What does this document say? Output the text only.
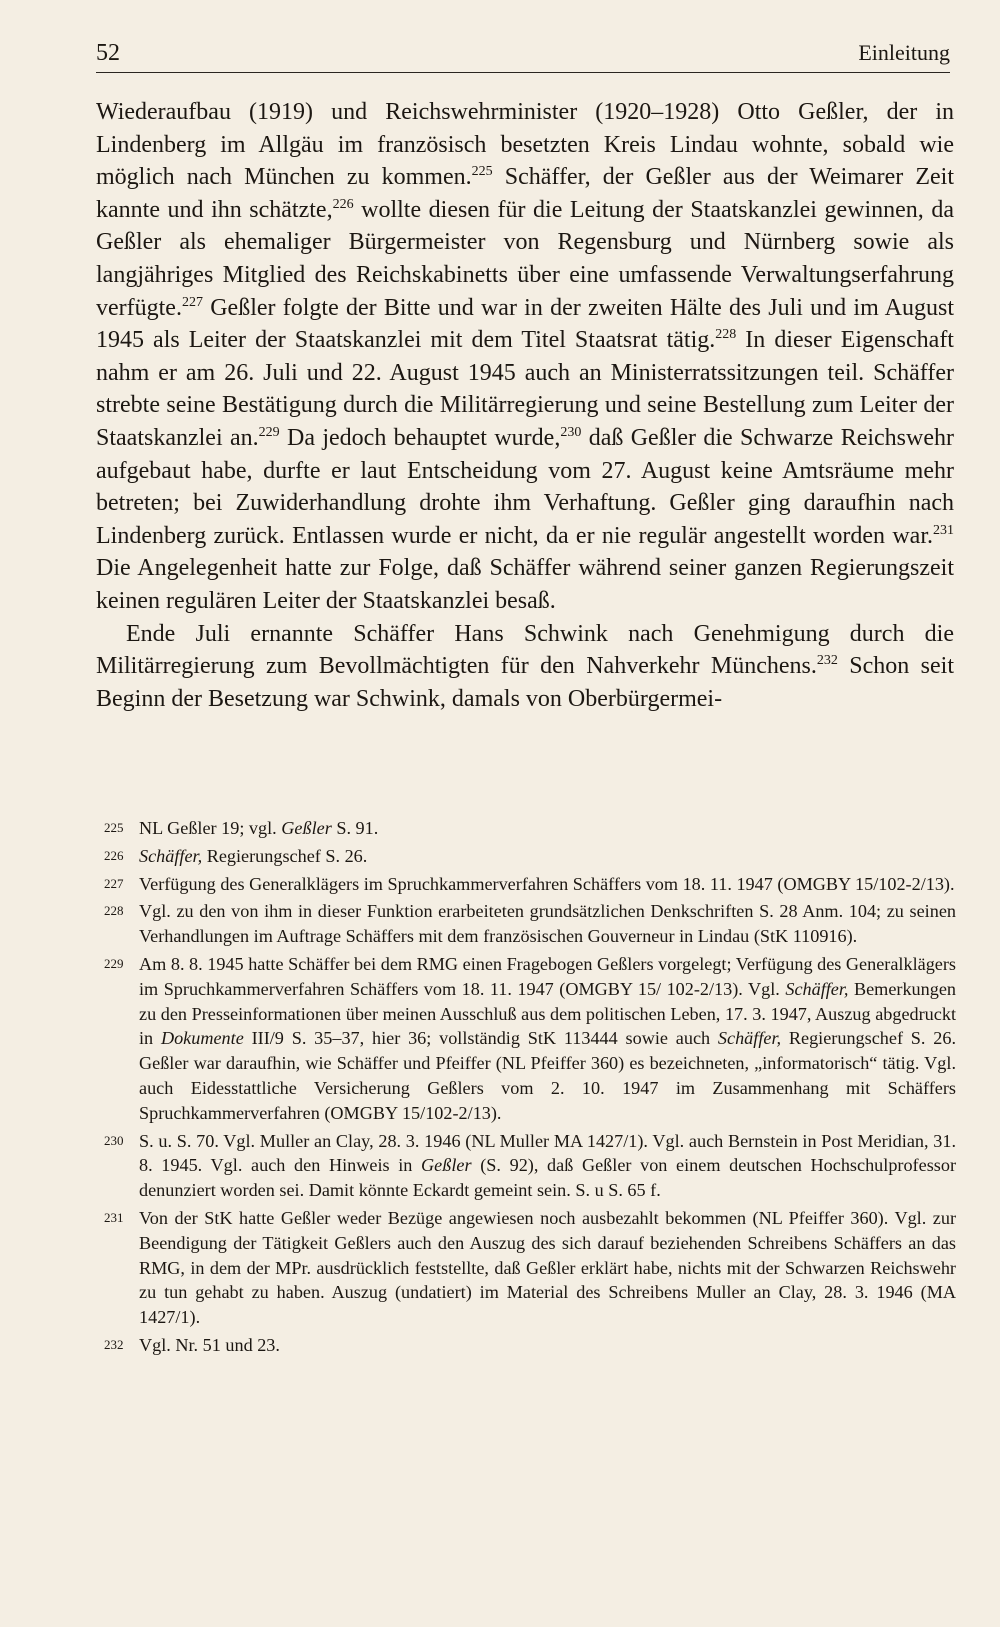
52	Einleitung

Wiederaufbau (1919) und Reichswehrminister (1920–1928) Otto Geßler, der in Lindenberg im Allgäu im französisch besetzten Kreis Lindau wohnte, sobald wie möglich nach München zu kommen.$^{225}$ Schäffer, der Geßler aus der Weimarer Zeit kannte und ihn schätzte,$^{226}$ wollte diesen für die Leitung der Staatskanzlei gewinnen, da Geßler als ehemaliger Bürgermeister von Regensburg und Nürnberg sowie als langjähriges Mitglied des Reichskabinetts über eine umfassende Verwaltungserfahrung verfügte.$^{227}$ Geßler folgte der Bitte und war in der zweiten Hälte des Juli und im August 1945 als Leiter der Staatskanzlei mit dem Titel Staatsrat tätig.$^{228}$ In dieser Eigenschaft nahm er am 26. Juli und 22. August 1945 auch an Ministerratssitzungen teil. Schäffer strebte seine Bestätigung durch die Militärregierung und seine Bestellung zum Leiter der Staatskanzlei an.$^{229}$ Da jedoch behauptet wurde,$^{230}$ daß Geßler die Schwarze Reichswehr aufgebaut habe, durfte er laut Entscheidung vom 27. August keine Amtsräume mehr betreten; bei Zuwiderhandlung drohte ihm Verhaftung. Geßler ging daraufhin nach Lindenberg zurück. Entlassen wurde er nicht, da er nie regulär angestellt worden war.$^{231}$ Die Angelegenheit hatte zur Folge, daß Schäffer während seiner ganzen Regierungszeit keinen regulären Leiter der Staatskanzlei besaß.

Ende Juli ernannte Schäffer Hans Schwink nach Genehmigung durch die Militärregierung zum Bevollmächtigten für den Nahverkehr Münchens.$^{232}$ Schon seit Beginn der Besetzung war Schwink, damals von Oberbürgermei-

225 NL Geßler 19; vgl. Geßler S. 91.
226 Schäffer, Regierungschef S. 26.
227 Verfügung des Generalklägers im Spruchkammerverfahren Schäffers vom 18. 11. 1947 (OMGBY 15/102-2/13).
228 Vgl. zu den von ihm in dieser Funktion erarbeiteten grundsätzlichen Denkschriften S. 28 Anm. 104; zu seinen Verhandlungen im Auftrage Schäffers mit dem französischen Gouverneur in Lindau (StK 110916).
229 Am 8. 8. 1945 hatte Schäffer bei dem RMG einen Fragebogen Geßlers vorgelegt; Verfügung des Generalklägers im Spruchkammerverfahren Schäffers vom 18. 11. 1947 (OMGBY 15/ 102-2/13). Vgl. Schäffer, Bemerkungen zu den Presseinformationen über meinen Ausschluß aus dem politischen Leben, 17. 3. 1947, Auszug abgedruckt in Dokumente III/9 S. 35–37, hier 36; vollständig StK 113444 sowie auch Schäffer, Regierungschef S. 26. Geßler war daraufhin, wie Schäffer und Pfeiffer (NL Pfeiffer 360) es bezeichneten, „informatorisch“ tätig. Vgl. auch Eidesstattliche Versicherung Geßlers vom 2. 10. 1947 im Zusammenhang mit Schäffers Spruchkammerverfahren (OMGBY 15/102-2/13).
230 S. u. S. 70. Vgl. Muller an Clay, 28. 3. 1946 (NL Muller MA 1427/1). Vgl. auch Bernstein in Post Meridian, 31. 8. 1945. Vgl. auch den Hinweis in Geßler (S. 92), daß Geßler von einem deutschen Hochschulprofessor denunziert worden sei. Damit könnte Eckardt gemeint sein. S. u S. 65 f.
231 Von der StK hatte Geßler weder Bezüge angewiesen noch ausbezahlt bekommen (NL Pfeiffer 360). Vgl. zur Beendigung der Tätigkeit Geßlers auch den Auszug des sich darauf beziehenden Schreibens Schäffers an das RMG, in dem der MPr. ausdrücklich feststellte, daß Geßler erklärt habe, nichts mit der Schwarzen Reichswehr zu tun gehabt zu haben. Auszug (undatiert) im Material des Schreibens Muller an Clay, 28. 3. 1946 (MA 1427/1).
232 Vgl. Nr. 51 und 23.
